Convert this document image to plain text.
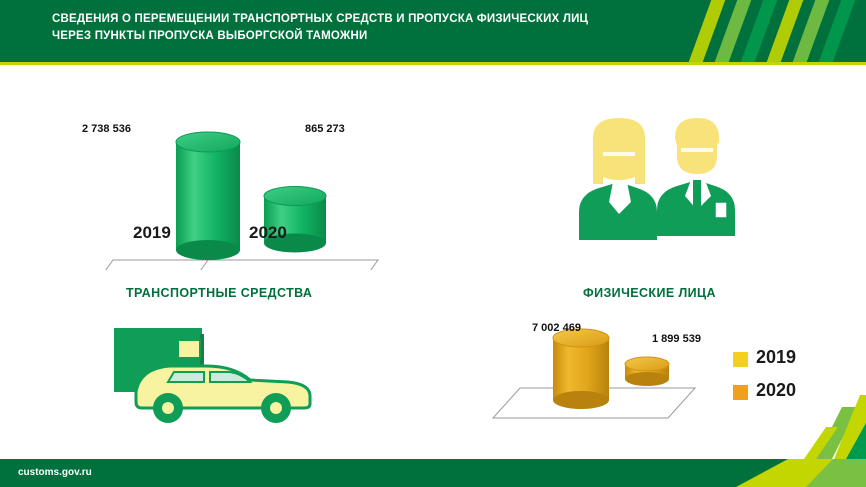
СВЕДЕНИЯ О ПЕРЕМЕЩЕНИИ ТРАНСПОРТНЫХ СРЕДСТВ И ПРОПУСКА ФИЗИЧЕСКИХ ЛИЦ
ЧЕРЕЗ ПУНКТЫ ПРОПУСКА ВЫБОРГСКОЙ ТАМОЖНИ
2 738 536	865 273
2019	2020
ТРАНСПОРТНЫЕ СРЕДСТВА	ФИЗИЧЕСКИЕ ЛИЦА
7 002 469
1 899 539
2019
2020
customs.gov.ru
